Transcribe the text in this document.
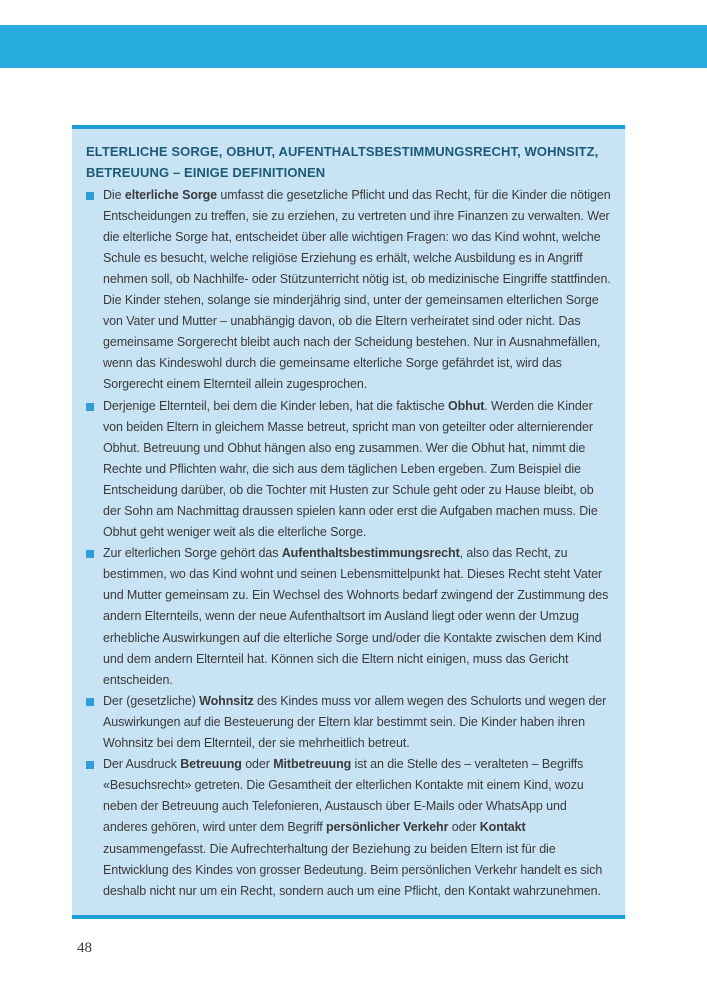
ELTERLICHE SORGE, OBHUT, AUFENTHALTSBESTIMMUNGSRECHT, WOHNSITZ,
BETREUUNG – EINIGE DEFINITIONEN
Die elterliche Sorge umfasst die gesetzliche Pflicht und das Recht, für die Kinder die nötigen Entscheidungen zu treffen, sie zu erziehen, zu vertreten und ihre Finanzen zu verwalten. Wer die elterliche Sorge hat, entscheidet über alle wichtigen Fragen: wo das Kind wohnt, welche Schule es besucht, welche religiöse Erziehung es erhält, welche Ausbildung es in Angriff nehmen soll, ob Nachhilfe- oder Stützunterricht nötig ist, ob medizinische Eingriffe stattfinden. Die Kinder stehen, solange sie minderjährig sind, unter der gemeinsamen elterlichen Sorge von Vater und Mutter – unabhängig davon, ob die Eltern verheiratet sind oder nicht. Das gemeinsame Sorgerecht bleibt auch nach der Scheidung bestehen. Nur in Ausnahmefällen, wenn das Kindeswohl durch die gemeinsame elterliche Sorge gefährdet ist, wird das Sorgerecht einem Elternteil allein zugesprochen.
Derjenige Elternteil, bei dem die Kinder leben, hat die faktische Obhut. Werden die Kinder von beiden Eltern in gleichem Masse betreut, spricht man von geteilter oder alternierender Obhut. Betreuung und Obhut hängen also eng zusammen. Wer die Obhut hat, nimmt die Rechte und Pflichten wahr, die sich aus dem täglichen Leben ergeben. Zum Beispiel die Entscheidung darüber, ob die Tochter mit Husten zur Schule geht oder zu Hause bleibt, ob der Sohn am Nachmittag draussen spielen kann oder erst die Aufgaben machen muss. Die Obhut geht weniger weit als die elterliche Sorge.
Zur elterlichen Sorge gehört das Aufenthaltsbestimmungsrecht, also das Recht, zu bestimmen, wo das Kind wohnt und seinen Lebensmittelpunkt hat. Dieses Recht steht Vater und Mutter gemeinsam zu. Ein Wechsel des Wohnorts bedarf zwingend der Zustimmung des andern Elternteils, wenn der neue Aufenthaltsort im Ausland liegt oder wenn der Umzug erhebliche Auswirkungen auf die elterliche Sorge und/oder die Kontakte zwischen dem Kind und dem andern Elternteil hat. Können sich die Eltern nicht einigen, muss das Gericht entscheiden.
Der (gesetzliche) Wohnsitz des Kindes muss vor allem wegen des Schulorts und wegen der Auswirkungen auf die Besteuerung der Eltern klar bestimmt sein. Die Kinder haben ihren Wohnsitz bei dem Elternteil, der sie mehrheitlich betreut.
Der Ausdruck Betreuung oder Mitbetreuung ist an die Stelle des – veralteten – Begriffs «Besuchsrecht» getreten. Die Gesamtheit der elterlichen Kontakte mit einem Kind, wozu neben der Betreuung auch Telefonieren, Austausch über E-Mails oder WhatsApp und anderes gehören, wird unter dem Begriff persönlicher Verkehr oder Kontakt zusammengefasst. Die Aufrechterhaltung der Beziehung zu beiden Eltern ist für die Entwicklung des Kindes von grosser Bedeutung. Beim persönlichen Verkehr handelt es sich deshalb nicht nur um ein Recht, sondern auch um eine Pflicht, den Kontakt wahrzunehmen.
48
